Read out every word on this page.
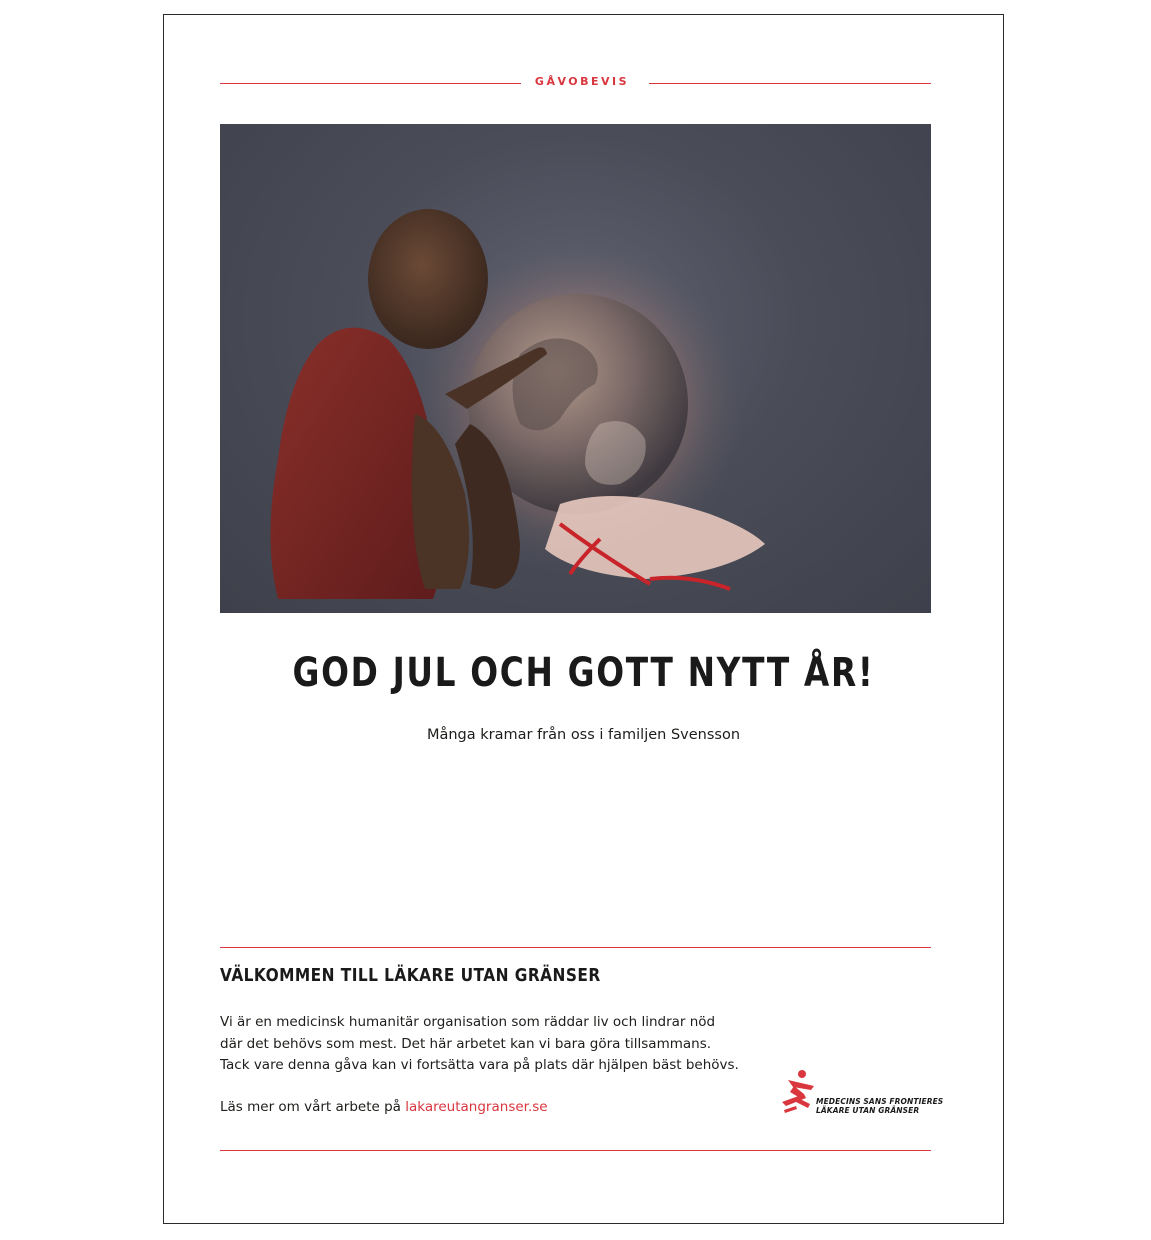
GÅVOBEVIS
GOD JUL OCH GOTT NYTT ÅR!
Många kramar från oss i familjen Svensson
VÄLKOMMEN TILL LÄKARE UTAN GRÄNSER

Vi är en medicinsk humanitär organisation som räddar liv och lindrar nöd

där det behövs som mest. Det här arbetet kan vi bara göra tillsammans.

Tack vare denna gåva kan vi fortsätta vara på plats där hjälpen bäst behövs.

Läs mer om vårt arbete på lakareutangranser.se	MEDECINS SANS FRONTIERES
LÄKARE UTAN GRÄNSER
